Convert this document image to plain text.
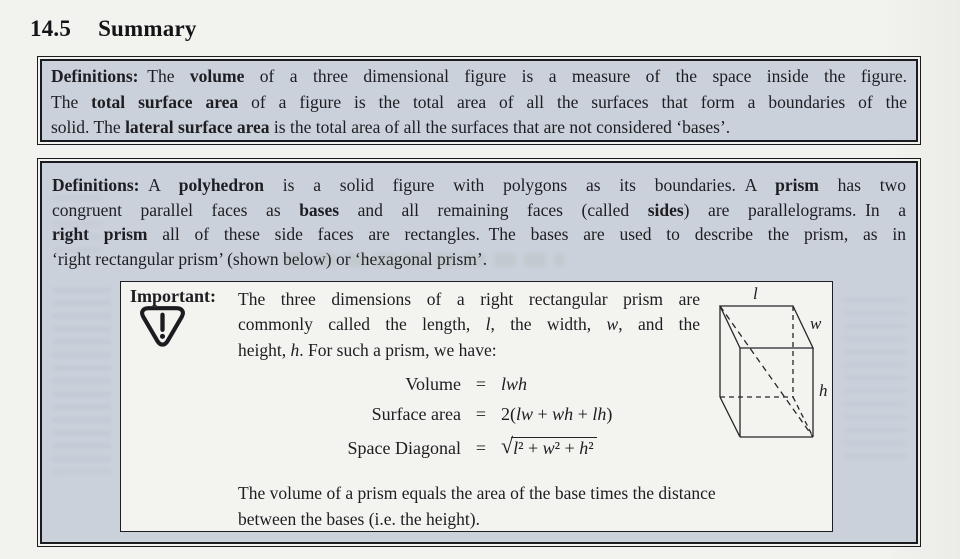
14.5 Summary
Definitions: The volume of a three dimensional figure is a measure of the space inside the figure.
The total surface area of a figure is the total area of all the surfaces that form a boundaries of the
solid. The lateral surface area is the total area of all the surfaces that are not considered ‘bases’.
Definitions: A polyhedron is a solid figure with polygons as its boundaries. A prism has two
congruent parallel faces as bases and all remaining faces (called sides) are parallelograms. In a
right prism all of these side faces are rectangles. The bases are used to describe the prism, as in
‘right rectangular prism’ (shown below) or ‘hexagonal prism’.
Important: The three dimensions of a right rectangular prism are
commonly called the length, l, the width, w, and the
height, h. For such a prism, we have:
Volume = lwh
Surface area = 2(lw + wh + lh)
Space Diagonal = √l² + w² + h²
The volume of a prism equals the area of the base times the distance
between the bases (i.e. the height).
l
w
h
